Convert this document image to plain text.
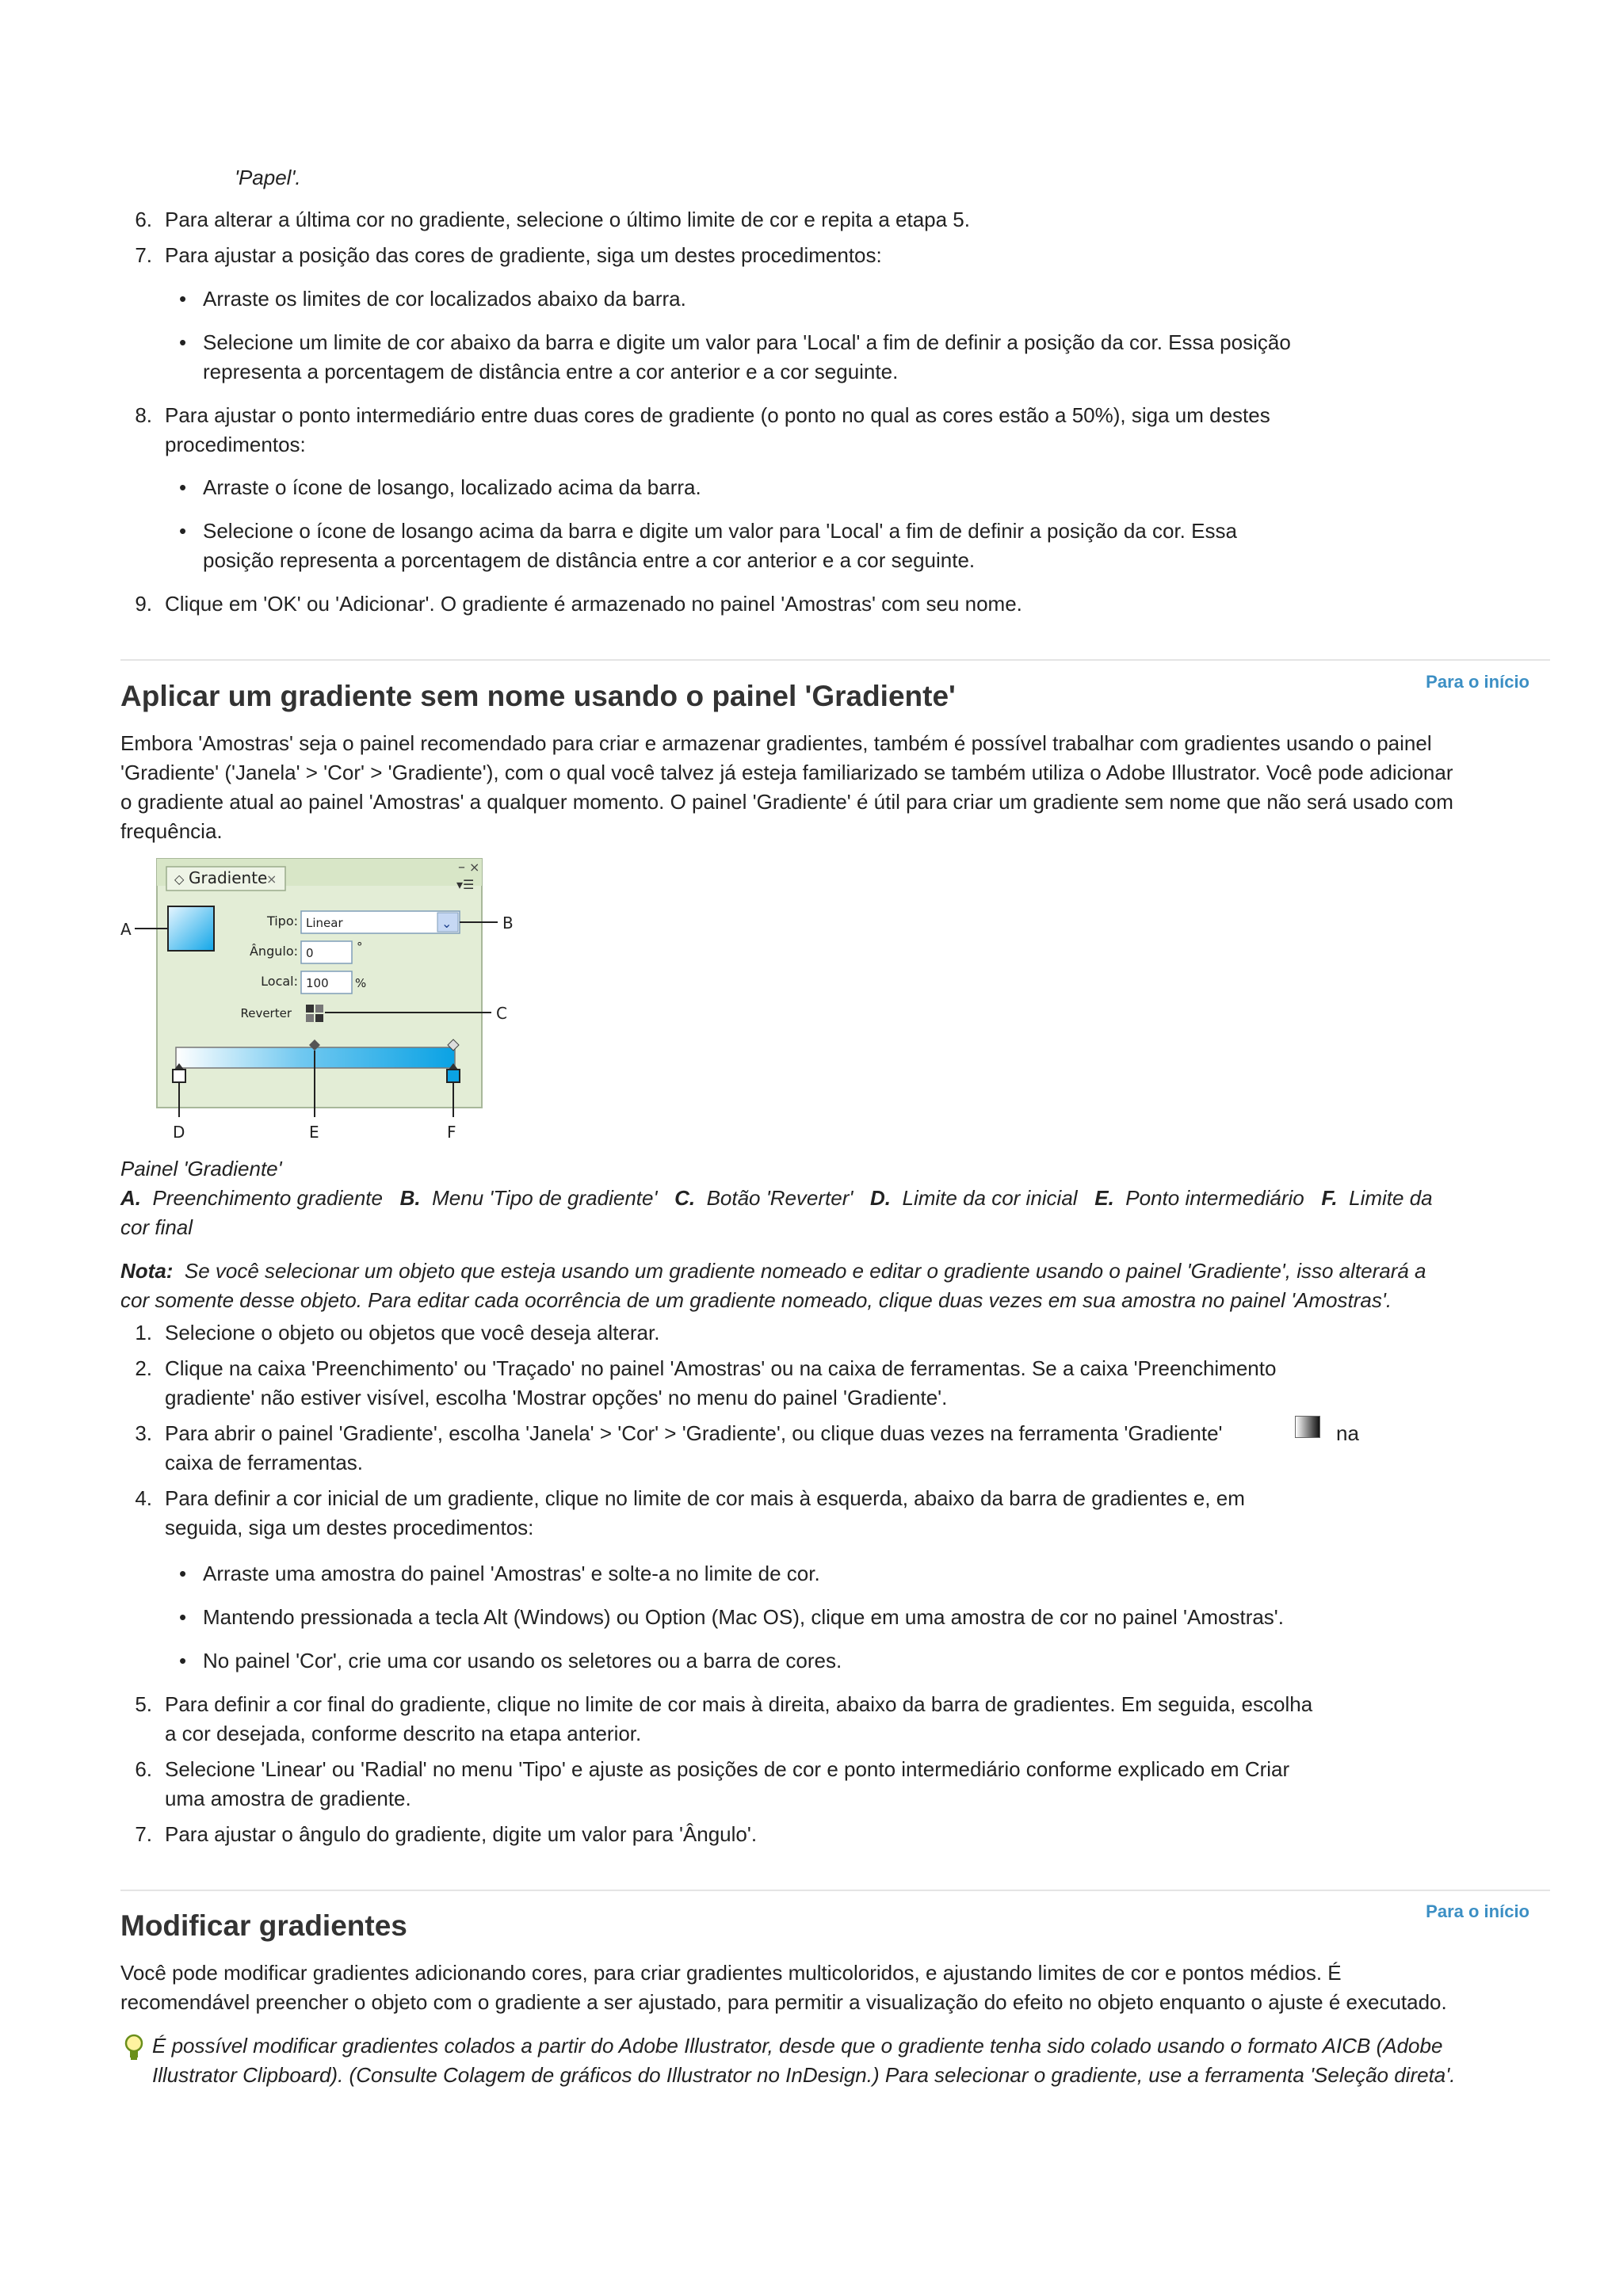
'Papel'.
6. Para alterar a última cor no gradiente, selecione o último limite de cor e repita a etapa 5.
7. Para ajustar a posição das cores de gradiente, siga um destes procedimentos:
• Arraste os limites de cor localizados abaixo da barra.
• Selecione um limite de cor abaixo da barra e digite um valor para 'Local' a fim de definir a posição da cor. Essa posição
representa a porcentagem de distância entre a cor anterior e a cor seguinte.
8. Para ajustar o ponto intermediário entre duas cores de gradiente (o ponto no qual as cores estão a 50%), siga um destes
procedimentos:
• Arraste o ícone de losango, localizado acima da barra.
• Selecione o ícone de losango acima da barra e digite um valor para 'Local' a fim de definir a posição da cor. Essa
posição representa a porcentagem de distância entre a cor anterior e a cor seguinte.
9. Clique em 'OK' ou 'Adicionar'. O gradiente é armazenado no painel 'Amostras' com seu nome.
Para o início
Aplicar um gradiente sem nome usando o painel 'Gradiente'
Embora 'Amostras' seja o painel recomendado para criar e armazenar gradientes, também é possível trabalhar com gradientes usando o painel
'Gradiente' ('Janela' > 'Cor' > 'Gradiente'), com o qual você talvez já esteja familiarizado se também utiliza o Adobe Illustrator. Você pode adicionar
o gradiente atual ao painel 'Amostras' a qualquer momento. O painel 'Gradiente' é útil para criar um gradiente sem nome que não será usado com
frequência.
◇ Gradiente
×
– ×
▾☰
Tipo: Linear	⌄
Ângulo: 0	°
Local: 100 %
Reverter
A	B
C
D	E	F
Painel 'Gradiente'
A. Preenchimento gradiente B. Menu 'Tipo de gradiente' C. Botão 'Reverter' D. Limite da cor inicial E. Ponto intermediário F. Limite da
cor final
Nota: Se você selecionar um objeto que esteja usando um gradiente nomeado e editar o gradiente usando o painel 'Gradiente', isso alterará a
cor somente desse objeto. Para editar cada ocorrência de um gradiente nomeado, clique duas vezes em sua amostra no painel 'Amostras'.
1. Selecione o objeto ou objetos que você deseja alterar.
2. Clique na caixa 'Preenchimento' ou 'Traçado' no painel 'Amostras' ou na caixa de ferramentas. Se a caixa 'Preenchimento
gradiente' não estiver visível, escolha 'Mostrar opções' no menu do painel 'Gradiente'.
3. Para abrir o painel 'Gradiente', escolha 'Janela' > 'Cor' > 'Gradiente', ou clique duas vezes na ferramenta 'Gradiente'	na
caixa de ferramentas.
4. Para definir a cor inicial de um gradiente, clique no limite de cor mais à esquerda, abaixo da barra de gradientes e, em
seguida, siga um destes procedimentos:
• Arraste uma amostra do painel 'Amostras' e solte-a no limite de cor.
• Mantendo pressionada a tecla Alt (Windows) ou Option (Mac OS), clique em uma amostra de cor no painel 'Amostras'.
• No painel 'Cor', crie uma cor usando os seletores ou a barra de cores.
5. Para definir a cor final do gradiente, clique no limite de cor mais à direita, abaixo da barra de gradientes. Em seguida, escolha
a cor desejada, conforme descrito na etapa anterior.
6. Selecione 'Linear' ou 'Radial' no menu 'Tipo' e ajuste as posições de cor e ponto intermediário conforme explicado em Criar
uma amostra de gradiente.
7. Para ajustar o ângulo do gradiente, digite um valor para 'Ângulo'.
Para o início
Modificar gradientes
Você pode modificar gradientes adicionando cores, para criar gradientes multicoloridos, e ajustando limites de cor e pontos médios. É
recomendável preencher o objeto com o gradiente a ser ajustado, para permitir a visualização do efeito no objeto enquanto o ajuste é executado.
É possível modificar gradientes colados a partir do Adobe Illustrator, desde que o gradiente tenha sido colado usando o formato AICB (Adobe
Illustrator Clipboard). (Consulte Colagem de gráficos do Illustrator no InDesign.) Para selecionar o gradiente, use a ferramenta 'Seleção direta'.
